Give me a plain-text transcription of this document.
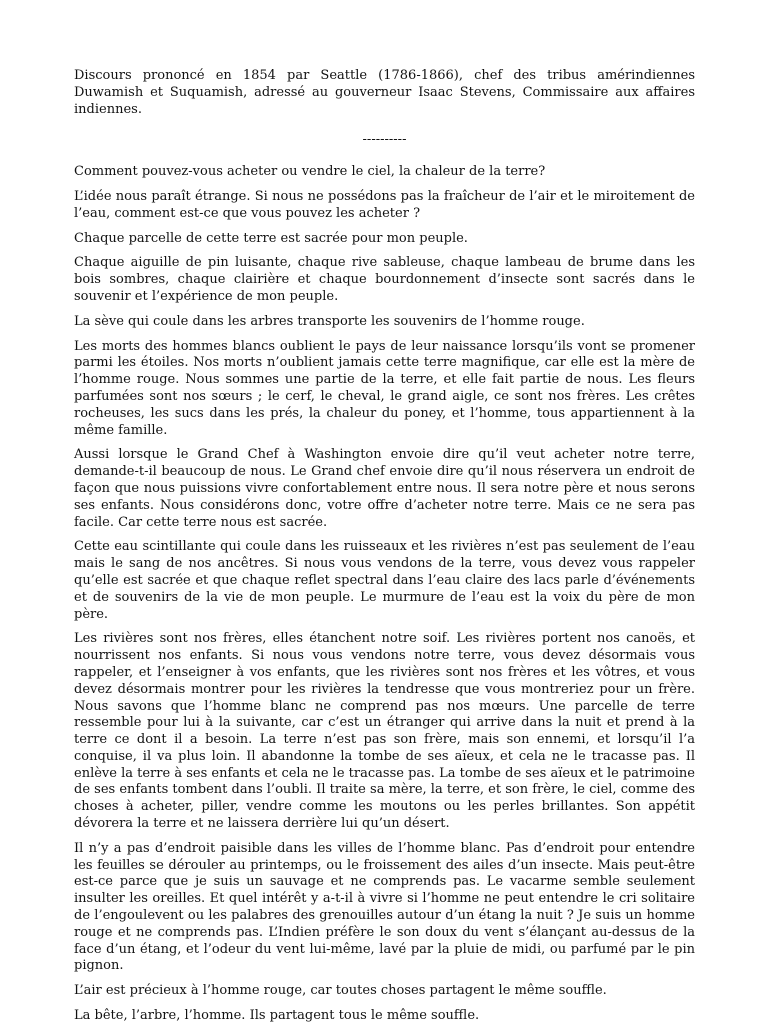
Discours prononcé en 1854 par Seattle (1786-1866), chef des tribus amérindiennes Duwamish et Suquamish, adressé au gouverneur Isaac Stevens, Commissaire aux affaires indiennes.

----------

Comment pouvez-vous acheter ou vendre le ciel, la chaleur de la terre?

L’idée nous paraît étrange. Si nous ne possédons pas la fraîcheur de l’air et le miroitement de l’eau, comment est-ce que vous pouvez les acheter ?

Chaque parcelle de cette terre est sacrée pour mon peuple.

Chaque aiguille de pin luisante, chaque rive sableuse, chaque lambeau de brume dans les bois sombres, chaque clairière et chaque bourdonnement d’insecte sont sacrés dans le souvenir et l’expérience de mon peuple.

La sève qui coule dans les arbres transporte les souvenirs de l’homme rouge.

Les morts des hommes blancs oublient le pays de leur naissance lorsqu’ils vont se promener parmi les étoiles. Nos morts n’oublient jamais cette terre magnifique, car elle est la mère de l’homme rouge. Nous sommes une partie de la terre, et elle fait partie de nous. Les fleurs parfumées sont nos sœurs ; le cerf, le cheval, le grand aigle, ce sont nos frères. Les crêtes rocheuses, les sucs dans les prés, la chaleur du poney, et l’homme, tous appartiennent à la même famille.

Aussi lorsque le Grand Chef à Washington envoie dire qu’il veut acheter notre terre, demande-t-il beaucoup de nous. Le Grand chef envoie dire qu’il nous réservera un endroit de façon que nous puissions vivre confortablement entre nous. Il sera notre père et nous serons ses enfants. Nous considérons donc, votre offre d’acheter notre terre. Mais ce ne sera pas facile. Car cette terre nous est sacrée.

Cette eau scintillante qui coule dans les ruisseaux et les rivières n’est pas seulement de l’eau mais le sang de nos ancêtres. Si nous vous vendons de la terre, vous devez vous rappeler qu’elle est sacrée et que chaque reflet spectral dans l’eau claire des lacs parle d’événements et de souvenirs de la vie de mon peuple. Le murmure de l’eau est la voix du père de mon père.

Les rivières sont nos frères, elles étanchent notre soif. Les rivières portent nos canoës, et nourrissent nos enfants. Si nous vous vendons notre terre, vous devez désormais vous rappeler, et l’enseigner à vos enfants, que les rivières sont nos frères et les vôtres, et vous devez désormais montrer pour les rivières la tendresse que vous montreriez pour un frère. Nous savons que l’homme blanc ne comprend pas nos mœurs. Une parcelle de terre ressemble pour lui à la suivante, car c’est un étranger qui arrive dans la nuit et prend à la terre ce dont il a besoin. La terre n’est pas son frère, mais son ennemi, et lorsqu’il l’a conquise, il va plus loin. Il abandonne la tombe de ses aïeux, et cela ne le tracasse pas. Il enlève la terre à ses enfants et cela ne le tracasse pas. La tombe de ses aïeux et le patrimoine de ses enfants tombent dans l’oubli. Il traite sa mère, la terre, et son frère, le ciel, comme des choses à acheter, piller, vendre comme les moutons ou les perles brillantes. Son appétit dévorera la terre et ne laissera derrière lui qu’un désert.

Il n’y a pas d’endroit paisible dans les villes de l’homme blanc. Pas d’endroit pour entendre les feuilles se dérouler au printemps, ou le froissement des ailes d’un insecte. Mais peut-être est-ce parce que je suis un sauvage et ne comprends pas. Le vacarme semble seulement insulter les oreilles. Et quel intérêt y a-t-il à vivre si l’homme ne peut entendre le cri solitaire de l’engoulevent ou les palabres des grenouilles autour d’un étang la nuit ? Je suis un homme rouge et ne comprends pas. L’Indien préfère le son doux du vent s’élançant au-dessus de la face d’un étang, et l’odeur du vent lui-même, lavé par la pluie de midi, ou parfumé par le pin pignon.

L’air est précieux à l’homme rouge, car toutes choses partagent le même souffle.

La bête, l’arbre, l’homme. Ils partagent tous le même souffle.
